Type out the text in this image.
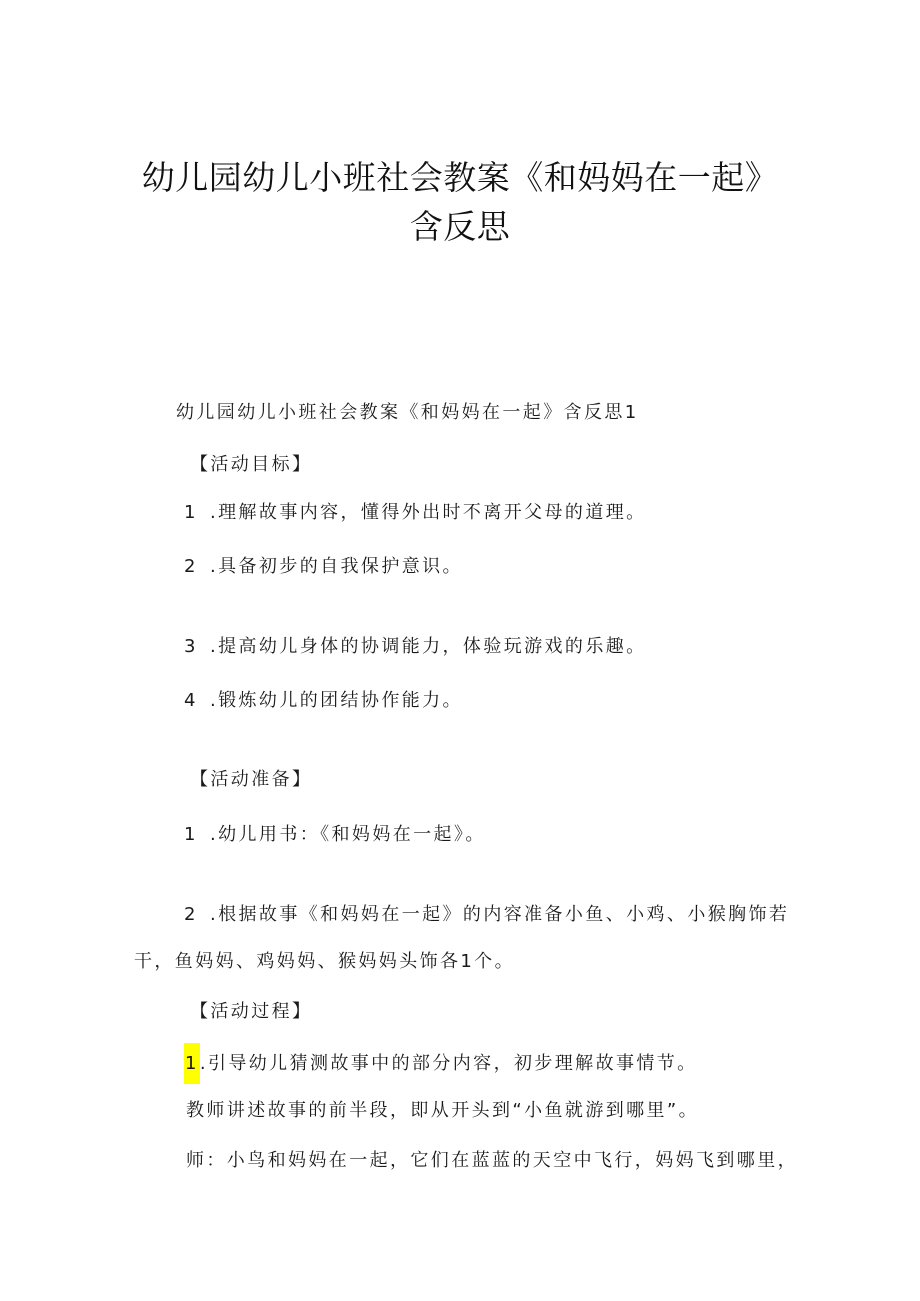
幼儿园幼儿小班社会教案《和妈妈在一起》
含反思
幼儿园幼儿小班社会教案《和妈妈在一起》含反思1
【活动目标】
1 .理解故事内容，懂得外出时不离开父母的道理。
2 .具备初步的自我保护意识。
3 .提高幼儿身体的协调能力，体验玩游戏的乐趣。
4 .锻炼幼儿的团结协作能力。
【活动准备】
1 .幼儿用书：《和妈妈在一起》。
2 .根据故事《和妈妈在一起》的内容准备小鱼、小鸡、小猴胸饰若
干，鱼妈妈、鸡妈妈、猴妈妈头饰各1个。
【活动过程】
1.引导幼儿猜测故事中的部分内容，初步理解故事情节。
教师讲述故事的前半段，即从开头到“小鱼就游到哪里”。
师：小鸟和妈妈在一起，它们在蓝蓝的天空中飞行，妈妈飞到哪里，
